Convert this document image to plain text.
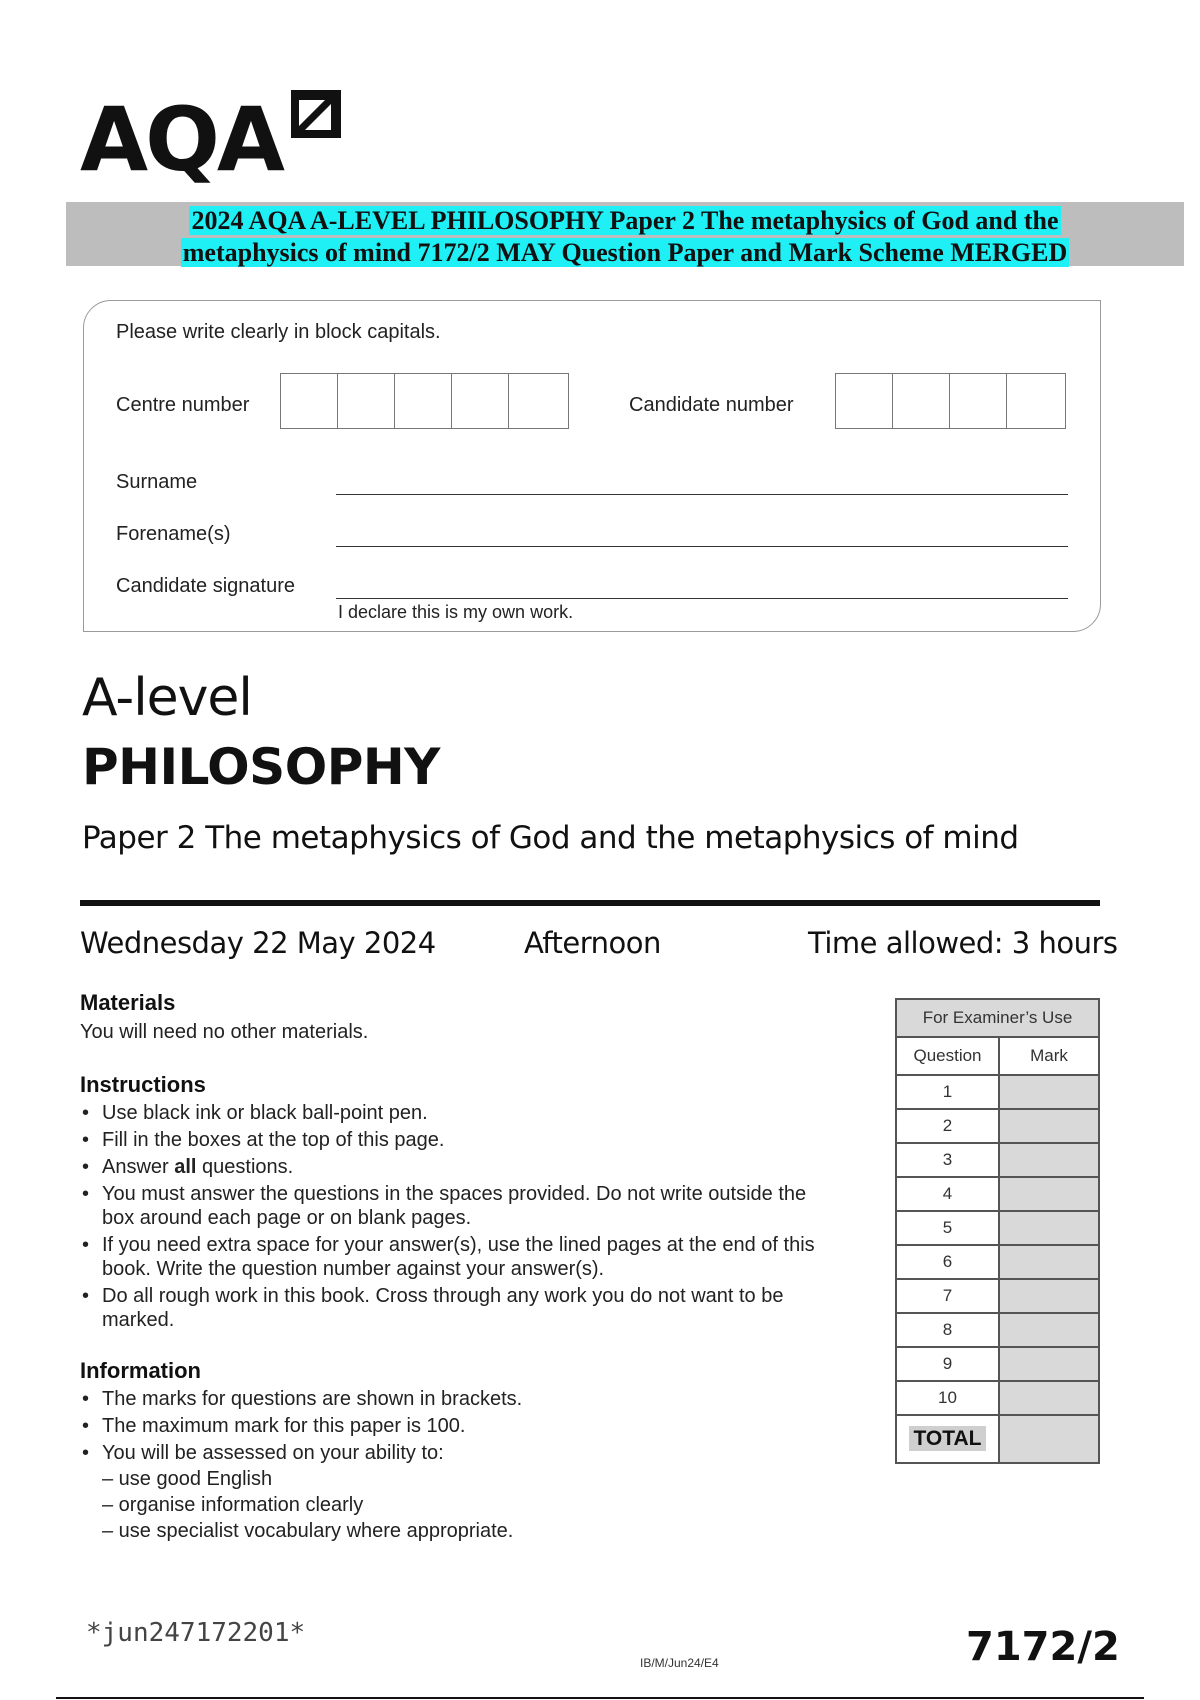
AQA
2024 AQA A-LEVEL PHILOSOPHY Paper 2 The metaphysics of God and the
metaphysics of mind 7172/2 MAY Question Paper and Mark Scheme MERGED
Please write clearly in block capitals.
Centre number	Candidate number
Surname
Forename(s)
Candidate signature
I declare this is my own work.
A-level
PHILOSOPHY
Paper 2 The metaphysics of God and the metaphysics of mind
Wednesday 22 May 2024	Afternoon	Time allowed: 3 hours
Materials
You will need no other materials.
Instructions
• Use black ink or black ball-point pen.
• Fill in the boxes at the top of this page.
• Answer all questions.
• You must answer the questions in the spaces provided. Do not write outside the box around each page or on blank pages.
• If you need extra space for your answer(s), use the lined pages at the end of this book. Write the question number against your answer(s).
• Do all rough work in this book. Cross through any work you do not want to be marked.
Information
• The marks for questions are shown in brackets.
• The maximum mark for this paper is 100.
• You will be assessed on your ability to:
– use good English
– organise information clearly
– use specialist vocabulary where appropriate.
For Examiner’s Use	
Question	Mark
1	
2	
3	
4	
5	
6	
7	
8	
9	
10	
TOTAL	
*jun247172201*
IB/M/Jun24/E4	7172/2
